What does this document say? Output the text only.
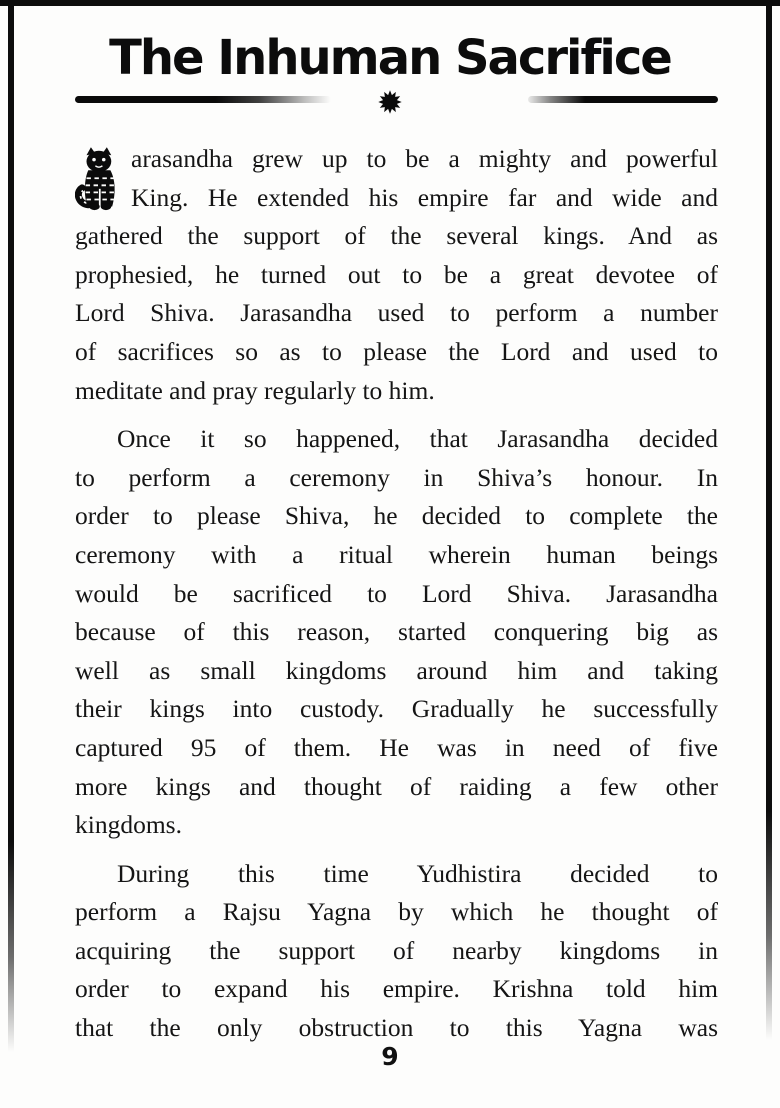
The Inhuman Sacrifice
arasandha grew up to be a mighty and powerful
King. He extended his empire far and wide and
gathered the support of the several kings. And as
prophesied, he turned out to be a great devotee of
Lord Shiva. Jarasandha used to perform a number
of sacrifices so as to please the Lord and used to
meditate and pray regularly to him.
Once it so happened, that Jarasandha decided
to perform a ceremony in Shiva’s honour. In
order to please Shiva, he decided to complete the
ceremony with a ritual wherein human beings
would be sacrificed to Lord Shiva. Jarasandha
because of this reason, started conquering big as
well as small kingdoms around him and taking
their kings into custody. Gradually he successfully
captured 95 of them. He was in need of five
more kings and thought of raiding a few other
kingdoms.
During this time Yudhistira decided to
perform a Rajsu Yagna by which he thought of
acquiring the support of nearby kingdoms in
order to expand his empire. Krishna told him
that the only obstruction to this Yagna was
9
